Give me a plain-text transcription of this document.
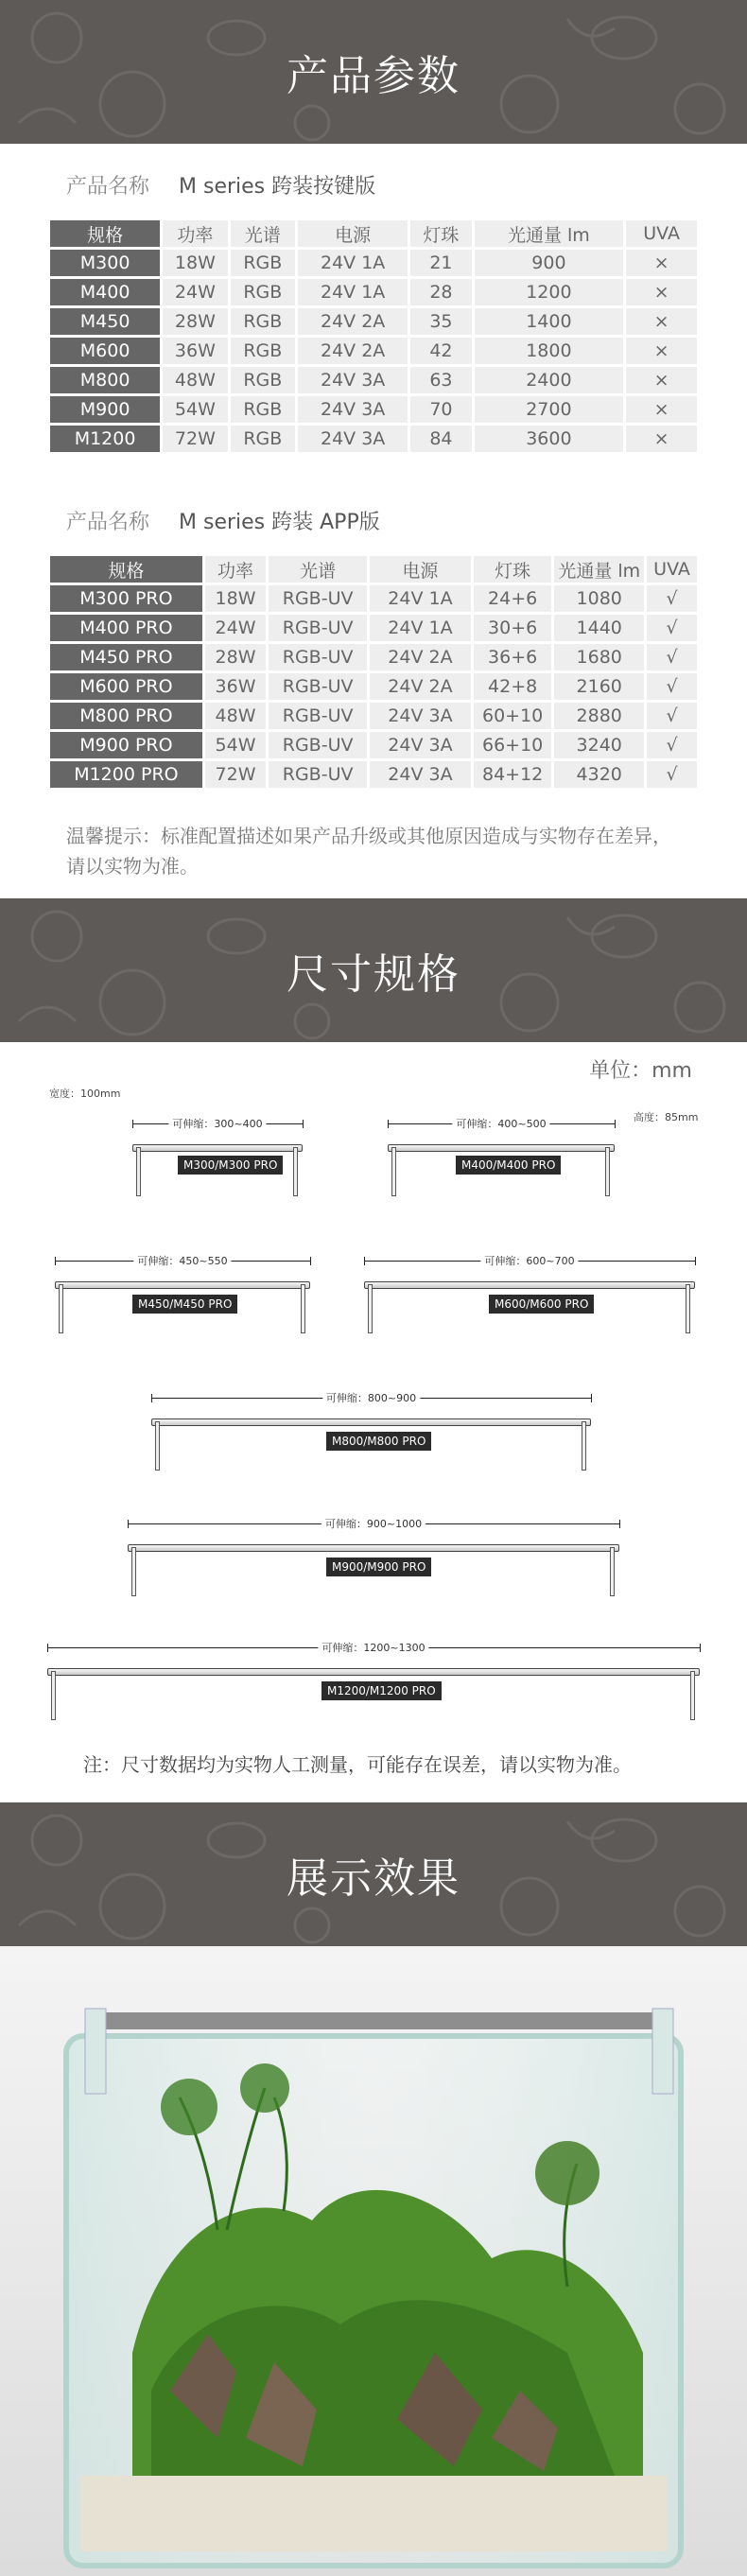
产品参数
产品名称 M series 跨装按键版
规格	功率	光谱	电源	灯珠	光通量 lm	UVA
M300	18W	RGB	24V 1A	21	900	×
M400	24W	RGB	24V 1A	28	1200	×
M450	28W	RGB	24V 2A	35	1400	×
M600	36W	RGB	24V 2A	42	1800	×
M800	48W	RGB	24V 3A	63	2400	×
M900	54W	RGB	24V 3A	70	2700	×
M1200	72W	RGB	24V 3A	84	3600	×
产品名称 M series 跨装 APP版
规格	功率	光谱	电源	灯珠	光通量 lm	UVA
M300 PRO	18W	RGB-UV	24V 1A	24+6	1080	√
M400 PRO	24W	RGB-UV	24V 1A	30+6	1440	√
M450 PRO	28W	RGB-UV	24V 2A	36+6	1680	√
M600 PRO	36W	RGB-UV	24V 2A	42+8	2160	√
M800 PRO	48W	RGB-UV	24V 3A	60+10	2880	√
M900 PRO	54W	RGB-UV	24V 3A	66+10	3240	√
M1200 PRO	72W	RGB-UV	24V 3A	84+12	4320	√
温馨提示：标准配置描述如果产品升级或其他原因造成与实物存在差异，请以实物为准。
尺寸规格
单位：mm
宽度：100mm
高度：85mm
可伸缩：300~400
M300/M300 PRO
可伸缩：400~500
M400/M400 PRO
可伸缩：450~550
M450/M450 PRO
可伸缩：600~700
M600/M600 PRO
可伸缩：800~900
M800/M800 PRO
可伸缩：900~1000
M900/M900 PRO
可伸缩：1200~1300
M1200/M1200 PRO
注：尺寸数据均为实物人工测量，可能存在误差，请以实物为准。
展示效果
